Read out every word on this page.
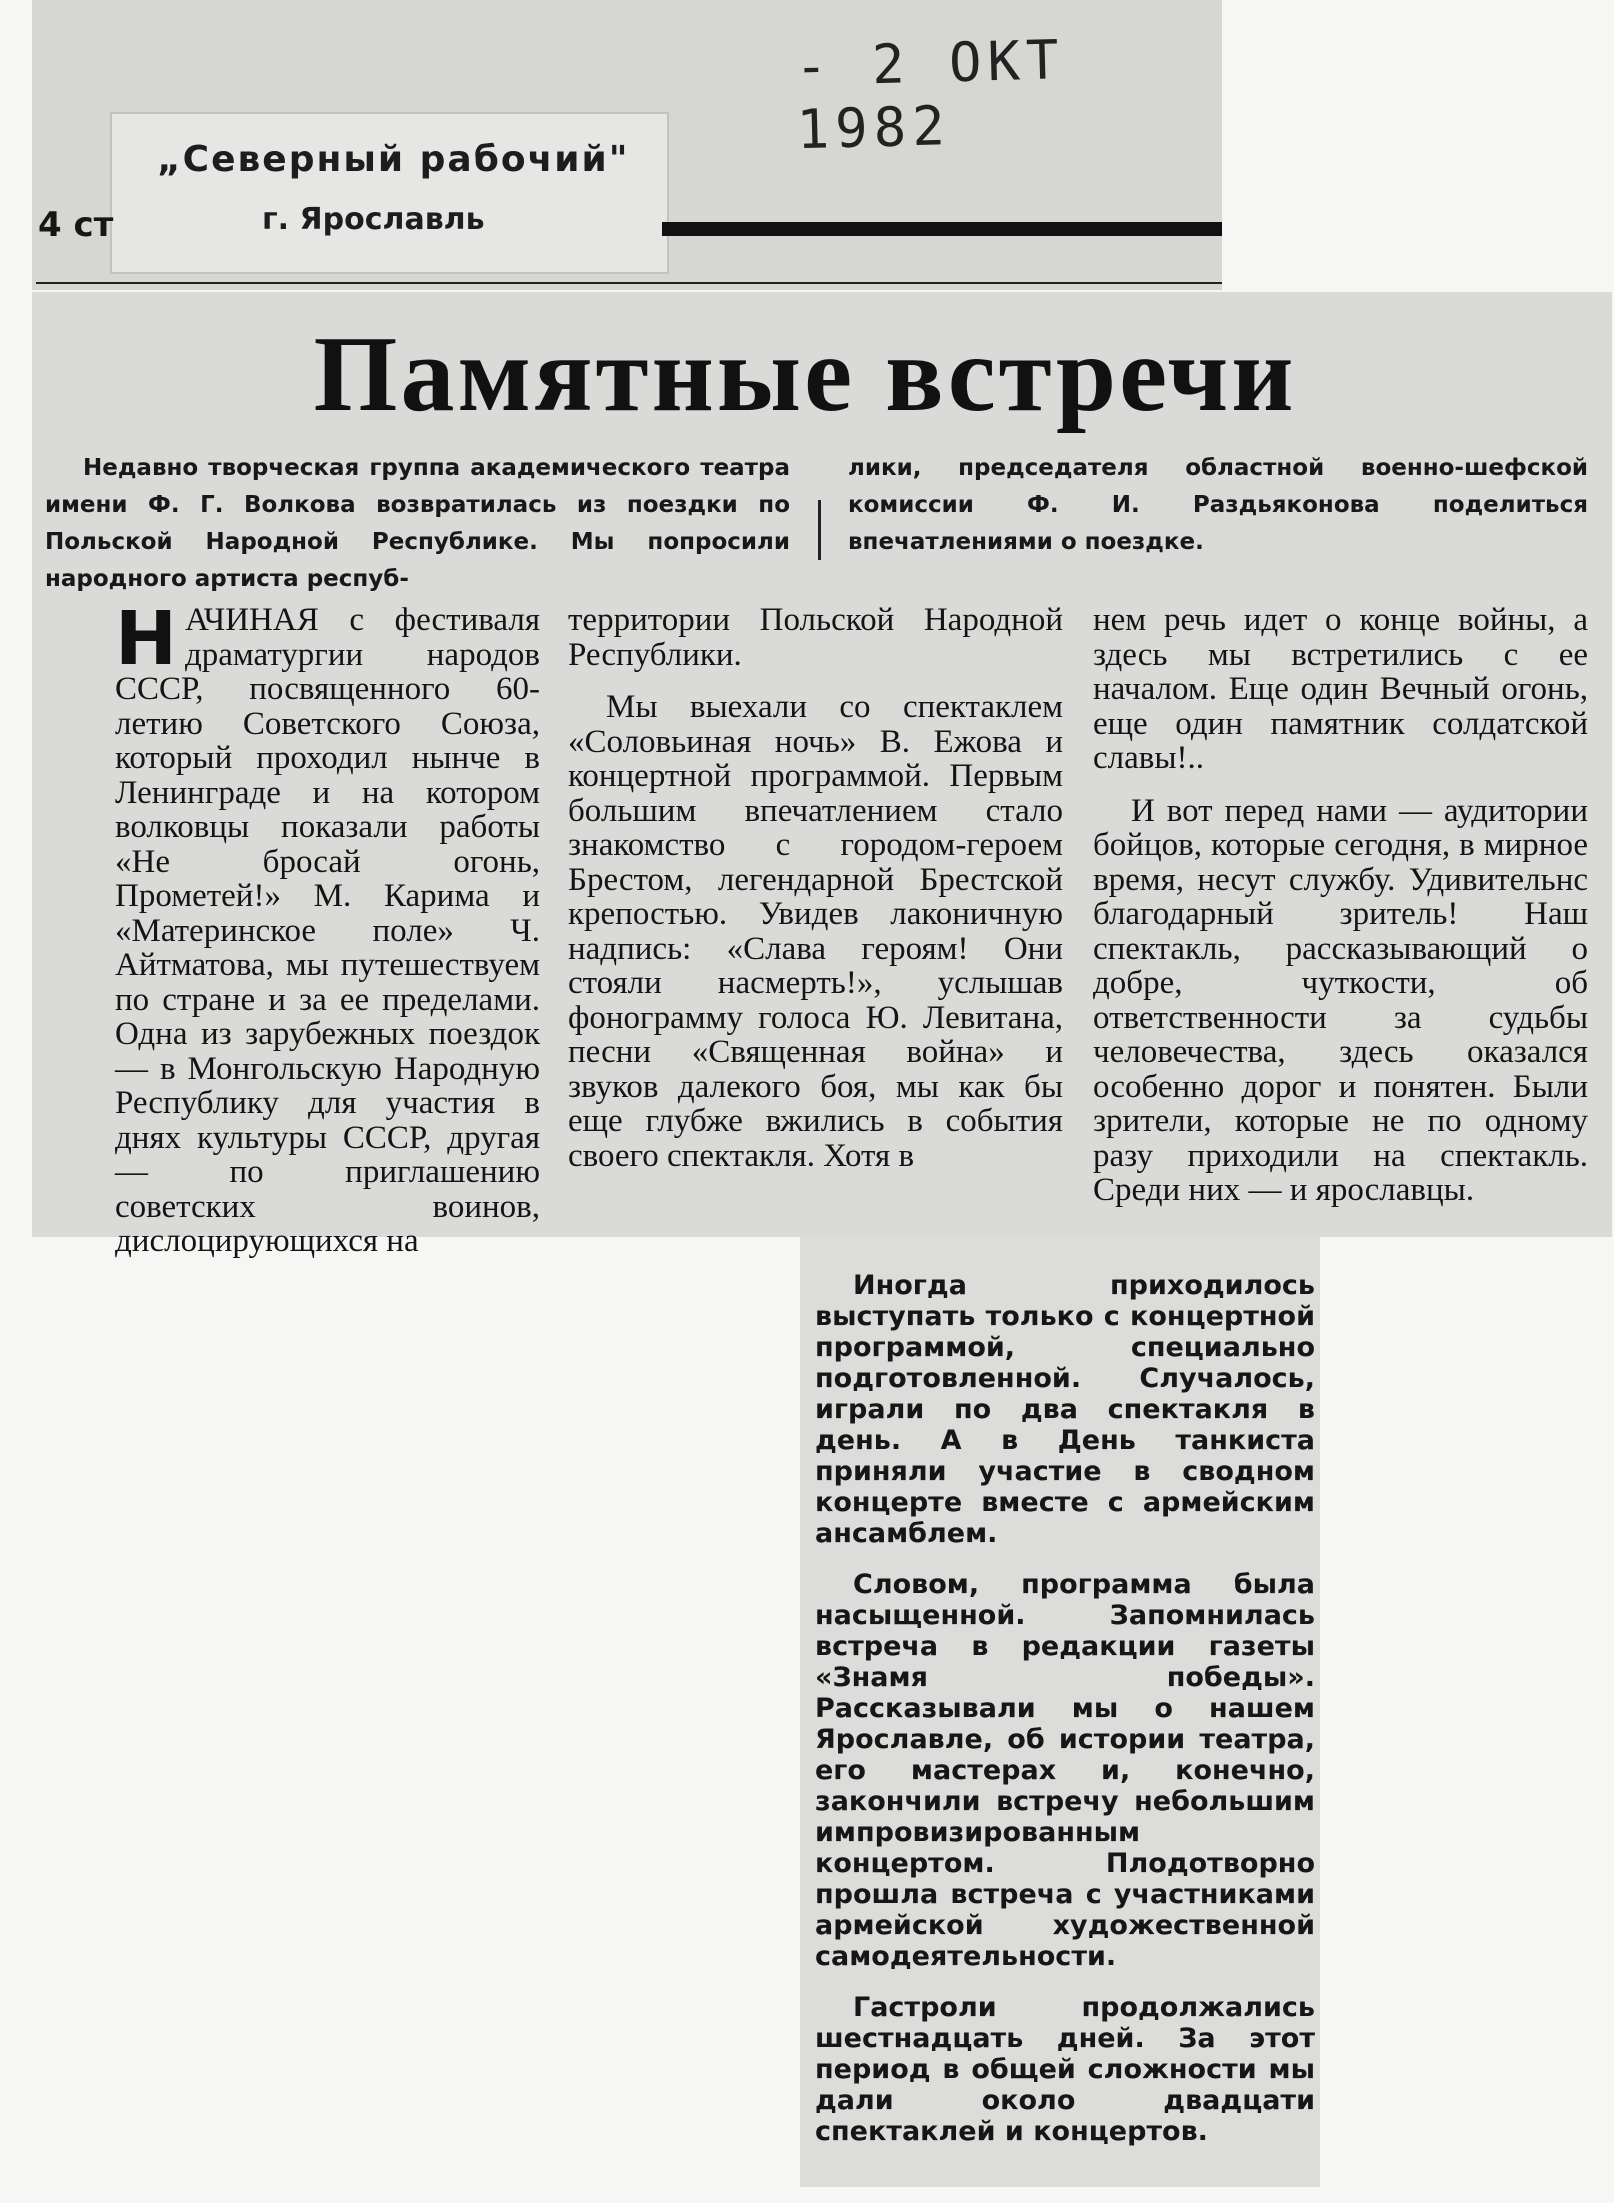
- 2 ОКТ 1982
„Северный рабочий"
г. Ярославль
4 ст
Памятные встречи
Недавно творческая группа академического театра имени Ф. Г. Волкова возвратилась из поездки по Польской Народной Республике. Мы попросили народного артиста респуб-
лики, председателя областной военно-шефской комиссии Ф. И. Раздьяконова поделиться впечатлениями о поездке.

НАЧИНАЯ с фестиваля драматургии народов СССР, посвященного 60-летию Советского Союза, который проходил нынче в Ленинграде и на котором волковцы показали работы «Не бросай огонь, Прометей!» М. Карима и «Материнское поле» Ч. Айтматова, мы путешествуем по стране и за ее пределами. Одна из зарубежных поездок — в Монгольскую Народную Республику для участия в днях культуры СССР, другая — по приглашению советских воинов, дислоцирующихся на

территории Польской Народной Республики.

Мы выехали со спектаклем «Соловьиная ночь» В. Ежова и концертной программой. Первым большим впечатлением стало знакомство с городом-героем Брестом, легендарной Брестской крепостью. Увидев лаконичную надпись: «Слава героям! Они стояли насмерть!», услышав фонограмму голоса Ю. Левитана, песни «Священная война» и звуков далекого боя, мы как бы еще глубже вжились в события своего спектакля. Хотя в

нем речь идет о конце войны, а здесь мы встретились с ее началом. Еще один Вечный огонь, еще один памятник солдатской славы!..

И вот перед нами — аудитории бойцов, которые сегодня, в мирное время, несут службу. Удивительнс благодарный зритель! Наш спектакль, рассказывающий о добре, чуткости, об ответственности за судьбы человечества, здесь оказался особенно дорог и понятен. Были зрители, которые не по одному разу приходили на спектакль. Среди них — и ярославцы.

Иногда приходилось выступать только с концертной программой, специально подготовленной. Случалось, играли по два спектакля в день. А в День танкиста приняли участие в сводном концерте вместе с армейским ансамблем.

Словом, программа была насыщенной. Запомнилась встреча в редакции газеты «Знамя победы». Рассказывали мы о нашем Ярославле, об истории театра, его мастерах и, конечно, закончили встречу небольшим импровизированным концертом. Плодотворно прошла встреча с участниками армейской художественной самодеятельности.

Гастроли продолжались шестнадцать дней. За этот период в общей сложности мы дали около двадцати спектаклей и концертов.
